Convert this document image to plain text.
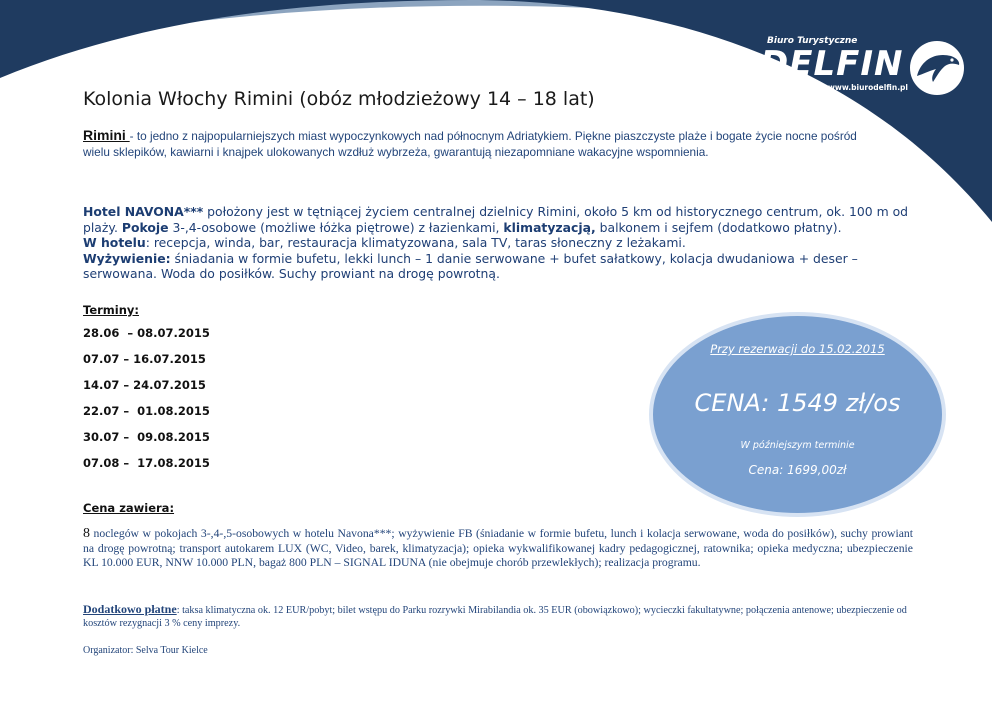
Biuro Turystyczne
DELFIN
www.biurodelfin.pl
Kolonia Włochy Rimini (obóz młodzieżowy 14 – 18 lat)
Rimini - to jedno z najpopularniejszych miast wypoczynkowych nad północnym Adriatykiem. Piękne piaszczyste plaże i bogate życie nocne pośród wielu sklepików, kawiarni i knajpek ulokowanych wzdłuż wybrzeża, gwarantują niezapomniane wakacyjne wspomnienia.

Hotel NAVONA*** położony jest w tętniącej życiem centralnej dzielnicy Rimini, około 5 km od historycznego centrum, ok. 100 m od plaży. Pokoje 3-,4-osobowe (możliwe łóżka piętrowe) z łazienkami, klimatyzacją, balkonem i sejfem (dodatkowo płatny).

W hotelu: recepcja, winda, bar, restauracja klimatyzowana, sala TV, taras słoneczny z leżakami.

Wyżywienie: śniadania w formie bufetu, lekki lunch – 1 danie serwowane + bufet sałatkowy, kolacja dwudaniowa + deser – serwowana. Woda do posiłków. Suchy prowiant na drogę powrotną.

Terminy:
28.06  – 08.07.2015
07.07 – 16.07.2015
14.07 – 24.07.2015
22.07 –  01.08.2015
30.07 –  09.08.2015
07.08 –  17.08.2015
Przy rezerwacji do 15.02.2015
CENA: 1549 zł/os
W późniejszym terminie
Cena: 1699,00zł
Cena zawiera:
8 noclegów w pokojach 3-,4-,5-osobowych w hotelu Navona***; wyżywienie FB (śniadanie w formie bufetu, lunch i kolacja serwowane, woda do posiłków), suchy prowiant na drogę powrotną; transport autokarem LUX (WC, Video, barek, klimatyzacja); opieka wykwalifikowanej kadry pedagogicznej, ratownika; opieka medyczna; ubezpieczenie KL 10.000 EUR, NNW 10.000 PLN, bagaż 800 PLN – SIGNAL IDUNA (nie obejmuje chorób przewlekłych); realizacja programu.
Dodatkowo płatne: taksa klimatyczna ok. 12 EUR/pobyt; bilet wstępu do Parku rozrywki Mirabilandia ok. 35 EUR (obowiązkowo); wycieczki fakultatywne; połączenia antenowe; ubezpieczenie od kosztów rezygnacji 3 % ceny imprezy.
Organizator: Selva Tour Kielce
